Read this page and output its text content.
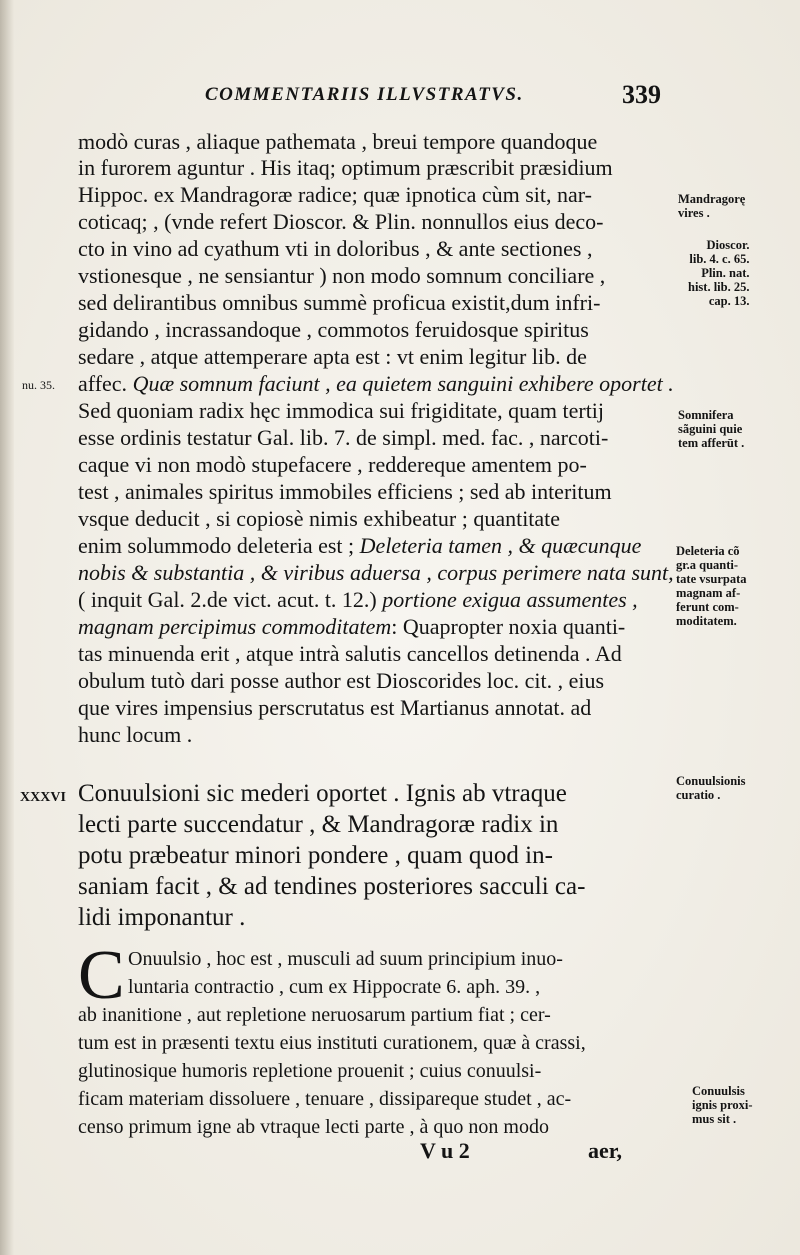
COMMENTARIIS ILLVSTRATVS.	339
modò curas , aliaque pathemata , breui tempore quandoque
in furorem aguntur . His itaq; optimum præscribit præsidium
Hippoc. ex Mandragoræ radice; quæ ipnotica cùm sit, nar-
coticaq; , (vnde refert Dioscor. & Plin. nonnullos eius deco-
cto in vino ad cyathum vti in doloribus , & ante sectiones ,
vstionesque , ne sensiantur ) non modo somnum conciliare ,
sed delirantibus omnibus summè proficua existit,dum infri-
gidando , incrassandoque , commotos feruidosque spiritus
sedare , atque attemperare apta est : vt enim legitur lib. de
affec. Quæ somnum faciunt , ea quietem sanguini exhibere oportet .
Sed quoniam radix hęc immodica sui frigiditate, quam tertij
esse ordinis testatur Gal. lib. 7. de simpl. med. fac. , narcoti-
caque vi non modò stupefacere , reddereque amentem po-
test , animales spiritus immobiles efficiens ; sed ab interitum
vsque deducit , si copiosè nimis exhibeatur ; quantitate
enim solummodo deleteria est ; Deleteria tamen , & quæcunque
nobis & substantia , & viribus aduersa , corpus perimere nata sunt,
( inquit Gal. 2.de vict. acut. t. 12.) portione exigua assumentes ,
magnam percipimus commoditatem: Quapropter noxia quanti-
tas minuenda erit , atque intrà salutis cancellos detinenda . Ad
obulum tutò dari posse author est Dioscorides loc. cit. , eius
que vires impensius perscrutatus est Martianus annotat. ad
hunc locum .
XXXVI Conuulsioni sic mederi oportet . Ignis ab vtraque
lecti parte succendatur , & Mandragoræ radix in
potu præbeatur minori pondere , quam quod in-
saniam facit , & ad tendines posteriores sacculi ca-
lidi imponantur .
C Onuulsio , hoc est , musculi ad suum principium inuo-
luntaria contractio , cum ex Hippocrate 6. aph. 39. ,
ab inanitione , aut repletione neruosarum partium fiat ; cer-
tum est in præsenti textu eius instituti curationem, quæ à crassi,
glutinosique humoris repletione prouenit ; cuius conuulsi-
ficam materiam dissoluere , tenuare , dissipareque studet , ac-
censo primum igne ab vtraque lecti parte , à quo non modo
V u 2	aer,
nu. 35.
Mandragorę
vires .
Dioscor.
lib. 4. c. 65.
Plin. nat.
hist. lib. 25.
cap. 13.
Somnifera
sãguini quie
tem afferūt .
Deleteria cõ
gr.a quanti-
tate vsurpata
magnam af-
ferunt com-
moditatem.
Conuulsionis
curatio .
Conuulsis
ignis proxi-
mus sit .
